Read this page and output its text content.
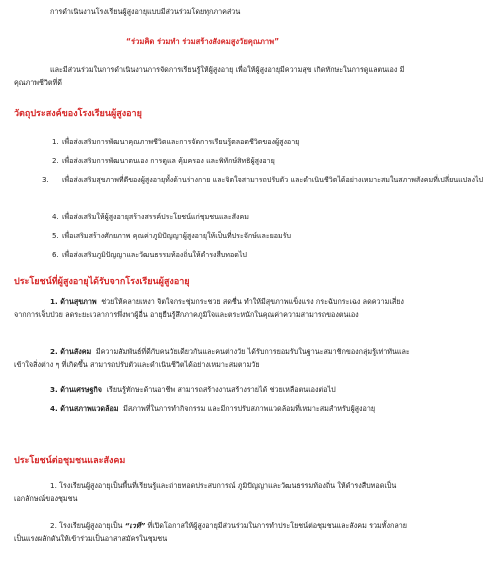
การดำเนินงานโรงเรียนผู้สูงอายุแบบมีส่วนร่วมโดยทุกภาคส่วน
“ร่วมคิด ร่วมทำ ร่วมสร้างสังคมสูงวัยคุณภาพ”
และมีส่วนร่วมในการดำเนินงานการจัดการเรียนรู้ให้ผู้สูงอายุ เพื่อให้ผู้สูงอายุมีความสุข เกิดทักษะในการดูแลตนเอง มีคุณภาพชีวิตที่ดี
วัตถุประสงค์ของโรงเรียนผู้สูงอายุ
1. เพื่อส่งเสริมการพัฒนาคุณภาพชีวิตและการจัดการเรียนรู้ตลอดชีวิตของผู้สูงอายุ
2. เพื่อส่งเสริมการพัฒนาตนเอง การดูแล คุ้มครอง และพิทักษ์สิทธิผู้สูงอายุ
3. เพื่อส่งเสริมสุขภาพที่ดีของผู้สูงอายุทั้งด้านร่างกาย และจิตใจสามารถปรับตัว และดำเนินชีวิตได้อย่างเหมาะสมในสภาพสังคมที่เปลี่ยนแปลงไป
4. เพื่อส่งเสริมให้ผู้สูงอายุสร้างสรรค์ประโยชน์แก่ชุมชนและสังคม
5. เพื่อเสริมสร้างศักยภาพ คุณค่าภูมิปัญญาผู้สูงอายุให้เป็นที่ประจักษ์และยอมรับ
6. เพื่อส่งเสริมภูมิปัญญาและวัฒนธรรมท้องถิ่นให้ดำรงสืบทอดไป
ประโยชน์ที่ผู้สูงอายุได้รับจากโรงเรียนผู้สูงอายุ
1. ด้านสุขภาพ ช่วยให้คลายเหงา จิตใจกระชุ่มกระชวย สดชื่น ทำให้มีสุขภาพแข็งแรง กระฉับกระเฉง ลดความเสี่ยงจากการเจ็บป่วย ลดระยะเวลาการพึ่งพาผู้อื่น อายุยืนรู้สึกภาคภูมิใจและตระหนักในคุณค่าความสามารถของตนเอง
2. ด้านสังคม มีความสัมพันธ์ที่ดีกับคนวัยเดียวกันและคนต่างวัย ได้รับการยอมรับในฐานะสมาชิกของกลุ่มรู้เท่าทันและเข้าใจสิ่งต่าง ๆ ที่เกิดขึ้น สามารถปรับตัวและดำเนินชีวิตได้อย่างเหมาะสมตามวัย
3. ด้านเศรษฐกิจ เรียนรู้ทักษะด้านอาชีพ สามารถสร้างงานสร้างรายได้ ช่วยเหลือตนเองต่อไป
4. ด้านสภาพแวดล้อม มีสภาพที่ในการทำกิจกรรม และมีการปรับสภาพแวดล้อมที่เหมาะสมสำหรับผู้สูงอายุ
ประโยชน์ต่อชุมชนและสังคม
1. โรงเรียนผู้สูงอายุเป็นพื้นที่เรียนรู้และถ่ายทอดประสบการณ์ ภูมิปัญญาและวัฒนธรรมท้องถิ่น ให้ดำรงสืบทอดเป็นเอกลักษณ์ของชุมชน
2. โรงเรียนผู้สูงอายุเป็น “เวที” ที่เปิดโอกาสให้ผู้สูงอายุมีส่วนร่วมในการทำประโยชน์ต่อชุมชนและสังคม รวมทั้งกลายเป็นแรงผลักดันให้เข้าร่วมเป็นอาสาสมัครในชุมชน
